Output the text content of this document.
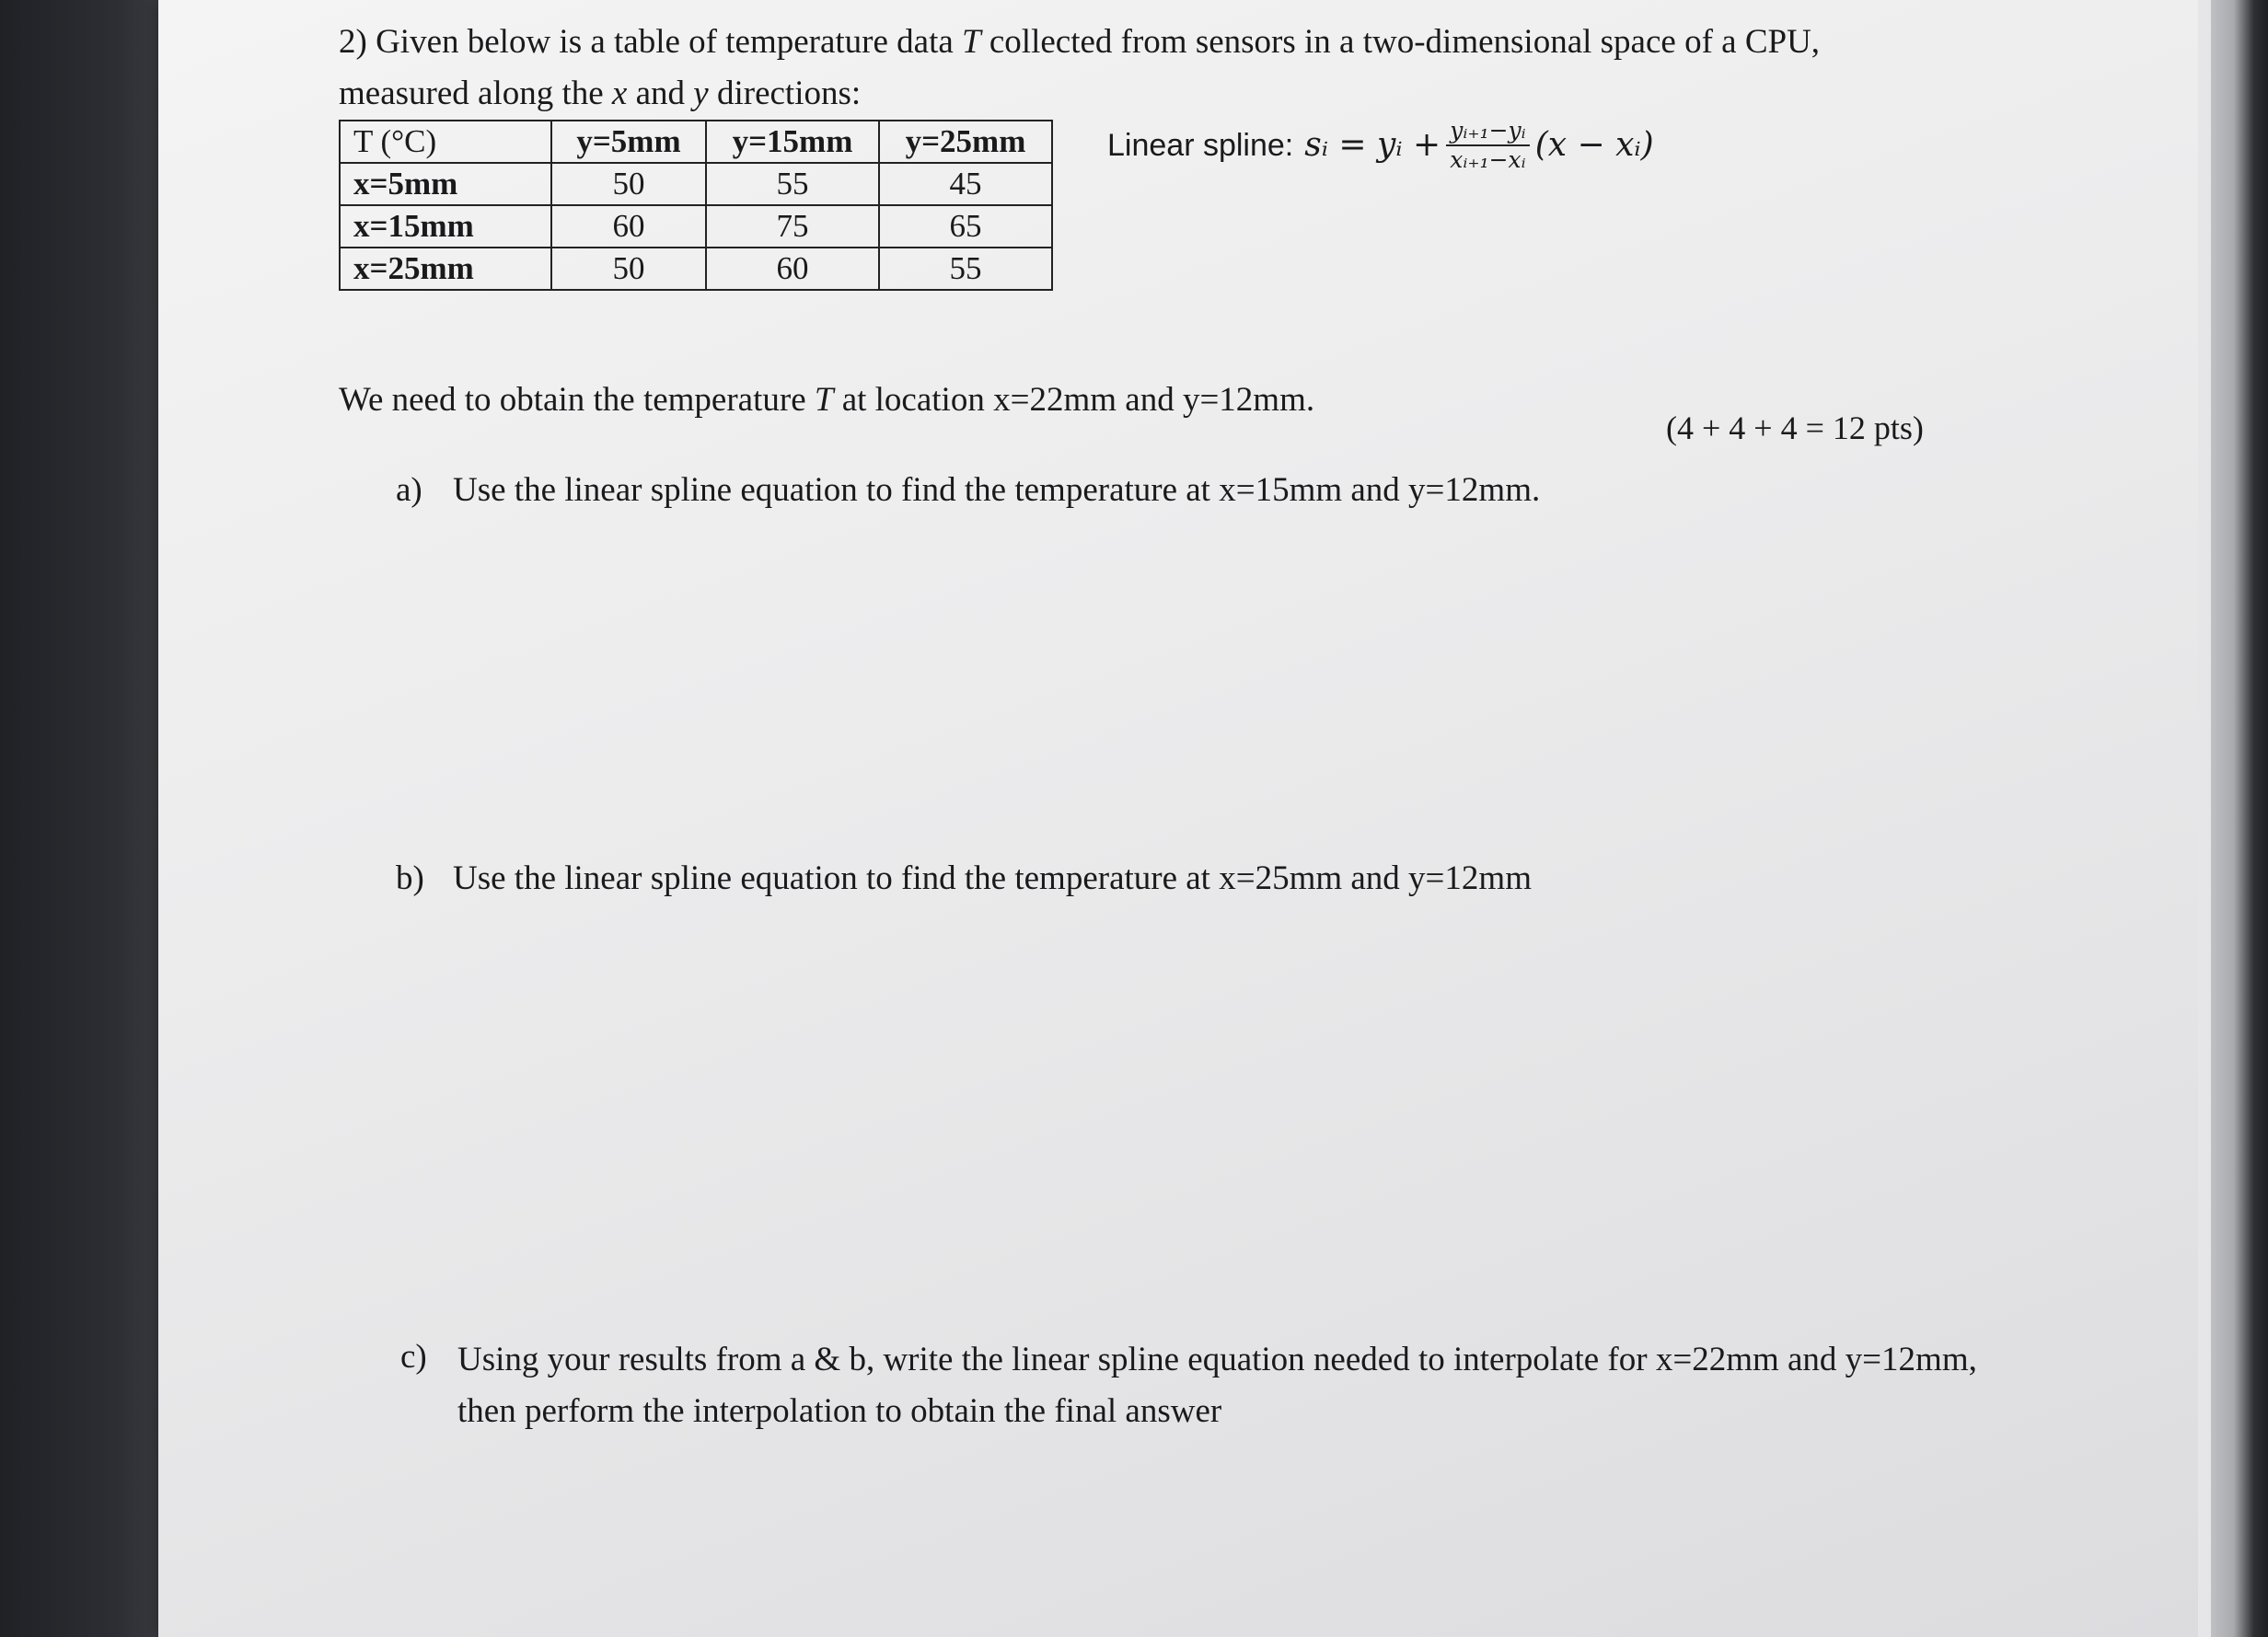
2) Given below is a table of temperature data T collected from sensors in a two-dimensional space of a CPU, measured along the x and y directions:

T (°C)	y=5mm	y=15mm	y=25mm
x=5mm	50	55	45
x=15mm	60	75	65
x=25mm	50	60	55
Linear spline: sᵢ = yᵢ + $\frac{\text{yᵢ₊₁−yᵢ}}{\text{xᵢ₊₁−xᵢ}} (x$ − xᵢ)

We need to obtain the temperature T at location x=22mm and y=12mm.

(4 + 4 + 4 = 12 pts)

a) Use the linear spline equation to find the temperature at x=15mm and y=12mm.
b) Use the linear spline equation to find the temperature at x=25mm and y=12mm
c) Using your results from a & b, write the linear spline equation needed to interpolate for x=22mm and y=12mm, then perform the interpolation to obtain the final answer
